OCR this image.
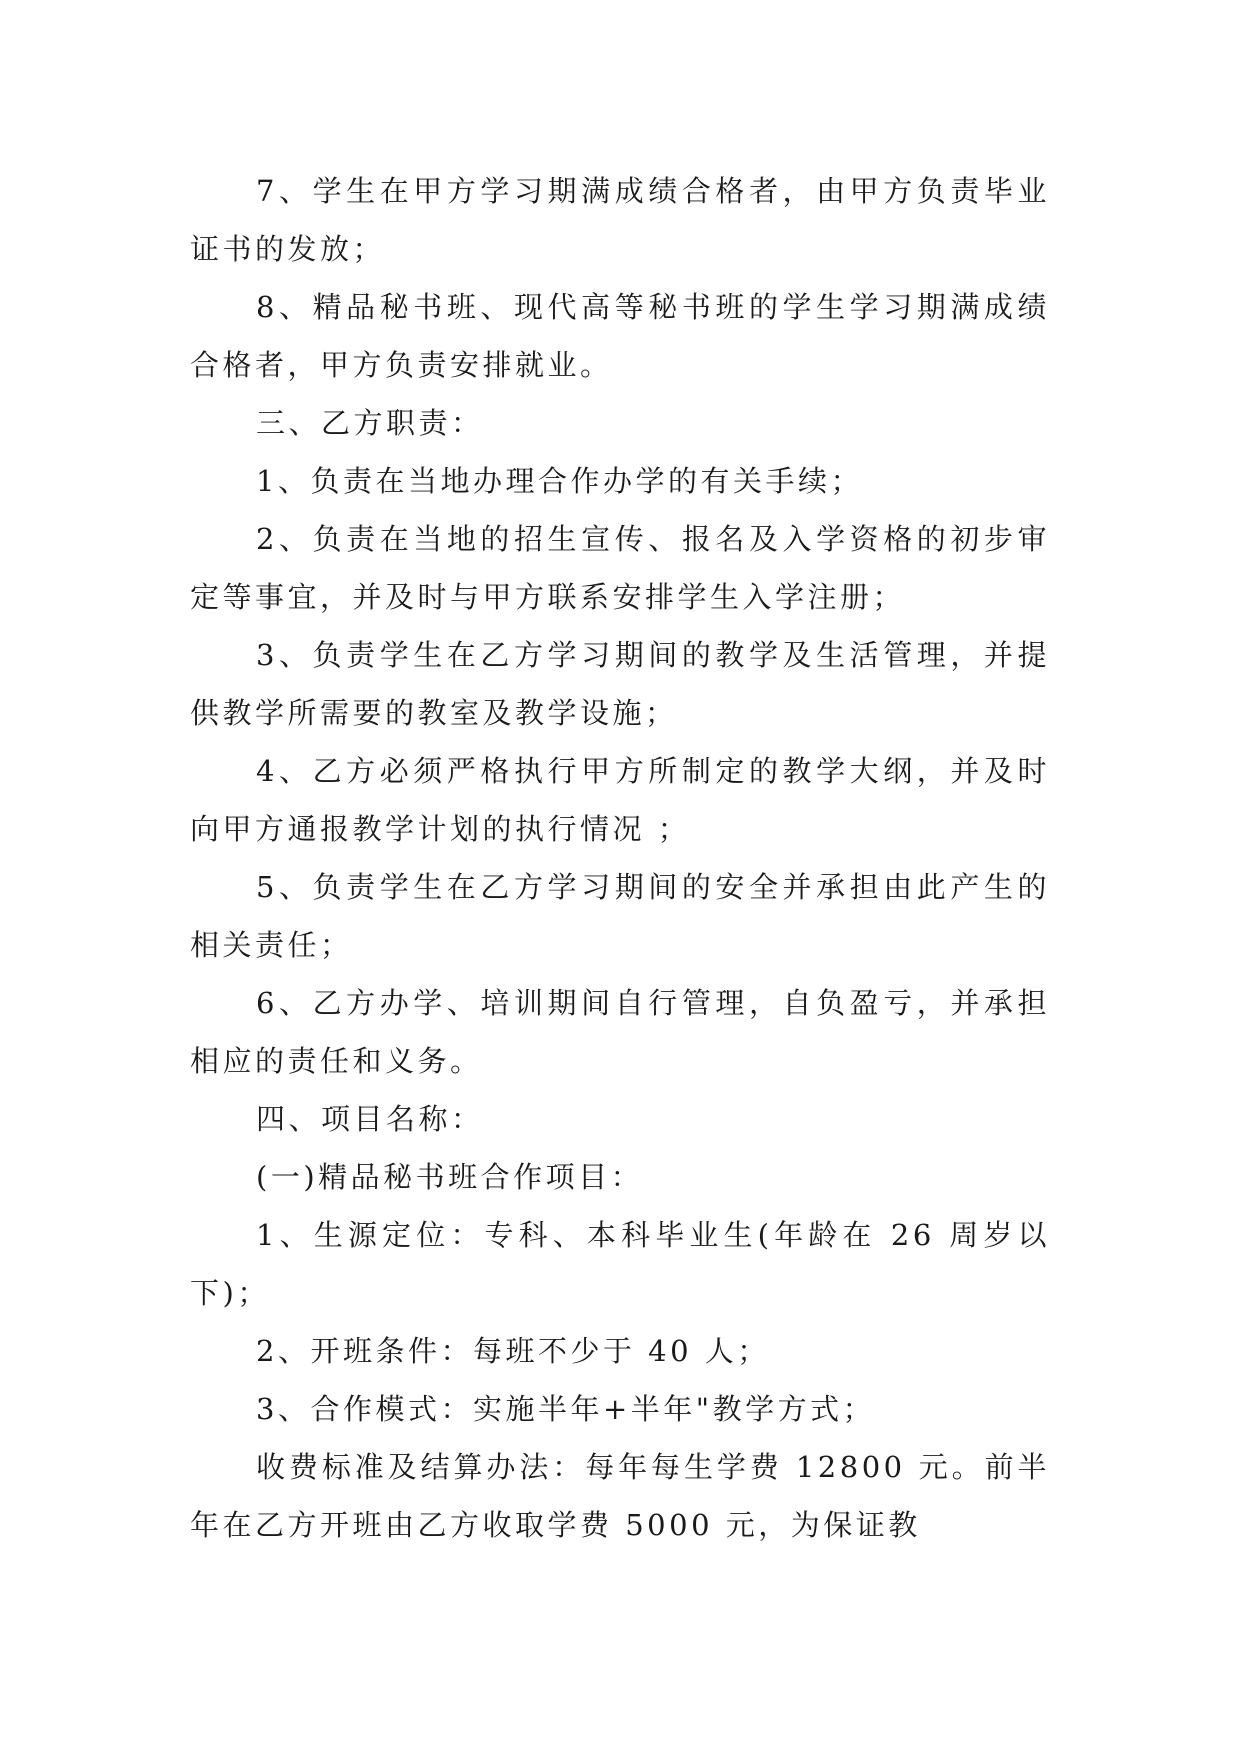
7、学生在甲方学习期满成绩合格者，由甲方负责毕业证书的发放；

8、精品秘书班、现代高等秘书班的学生学习期满成绩合格者，甲方负责安排就业。

三、乙方职责：

1、负责在当地办理合作办学的有关手续；

2、负责在当地的招生宣传、报名及入学资格的初步审定等事宜，并及时与甲方联系安排学生入学注册；

3、负责学生在乙方学习期间的教学及生活管理，并提供教学所需要的教室及教学设施；

4、乙方必须严格执行甲方所制定的教学大纲，并及时向甲方通报教学计划的执行情况 ；

5、负责学生在乙方学习期间的安全并承担由此产生的相关责任；

6、乙方办学、培训期间自行管理，自负盈亏，并承担相应的责任和义务。

四、项目名称：

(一)精品秘书班合作项目：

1、生源定位：专科、本科毕业生(年龄在 26 周岁以下)；

2、开班条件：每班不少于 40 人；

3、合作模式：实施半年+半年"教学方式；

收费标准及结算办法：每年每生学费 12800 元。前半年在乙方开班由乙方收取学费 5000 元，为保证教
